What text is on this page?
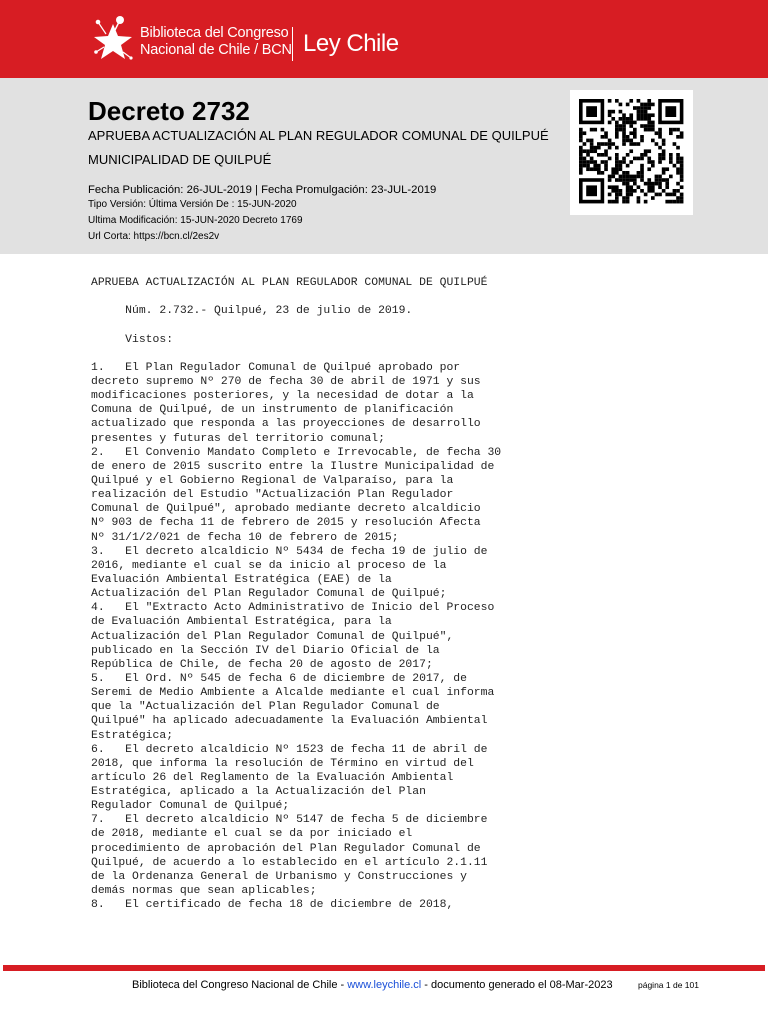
Biblioteca del Congreso
Nacional de Chile / BCN Ley Chile
Decreto 2732
APRUEBA ACTUALIZACIÓN AL PLAN REGULADOR COMUNAL DE QUILPUÉ
MUNICIPALIDAD DE QUILPUÉ
Fecha Publicación: 26-JUL-2019 | Fecha Promulgación: 23-JUL-2019
Tipo Versión: Última Versión De : 15-JUN-2020
Ultima Modificación: 15-JUN-2020 Decreto 1769
Url Corta: https://bcn.cl/2es2v
APRUEBA ACTUALIZACIÓN AL PLAN REGULADOR COMUNAL DE QUILPUÉ
Núm. 2.732.- Quilpué, 23 de julio de 2019.
Vistos:
1.   El Plan Regulador Comunal de Quilpué aprobado por
decreto supremo Nº 270 de fecha 30 de abril de 1971 y sus
modificaciones posteriores, y la necesidad de dotar a la
Comuna de Quilpué, de un instrumento de planificación
actualizado que responda a las proyecciones de desarrollo
presentes y futuras del territorio comunal;
2.   El Convenio Mandato Completo e Irrevocable, de fecha 30
de enero de 2015 suscrito entre la Ilustre Municipalidad de
Quilpué y el Gobierno Regional de Valparaíso, para la
realización del Estudio "Actualización Plan Regulador
Comunal de Quilpué", aprobado mediante decreto alcaldicio
Nº 903 de fecha 11 de febrero de 2015 y resolución Afecta
Nº 31/1/2/021 de fecha 10 de febrero de 2015;
3.   El decreto alcaldicio Nº 5434 de fecha 19 de julio de
2016, mediante el cual se da inicio al proceso de la
Evaluación Ambiental Estratégica (EAE) de la
Actualización del Plan Regulador Comunal de Quilpué;
4.   El "Extracto Acto Administrativo de Inicio del Proceso
de Evaluación Ambiental Estratégica, para la
Actualización del Plan Regulador Comunal de Quilpué",
publicado en la Sección IV del Diario Oficial de la
República de Chile, de fecha 20 de agosto de 2017;
5.   El Ord. Nº 545 de fecha 6 de diciembre de 2017, de
Seremi de Medio Ambiente a Alcalde mediante el cual informa
que la "Actualización del Plan Regulador Comunal de
Quilpué" ha aplicado adecuadamente la Evaluación Ambiental
Estratégica;
6.   El decreto alcaldicio Nº 1523 de fecha 11 de abril de
2018, que informa la resolución de Término en virtud del
artículo 26 del Reglamento de la Evaluación Ambiental
Estratégica, aplicado a la Actualización del Plan
Regulador Comunal de Quilpué;
7.   El decreto alcaldicio Nº 5147 de fecha 5 de diciembre
de 2018, mediante el cual se da por iniciado el
procedimiento de aprobación del Plan Regulador Comunal de
Quilpué, de acuerdo a lo establecido en el artículo 2.1.11
de la Ordenanza General de Urbanismo y Construcciones y
demás normas que sean aplicables;
8.   El certificado de fecha 18 de diciembre de 2018,
Biblioteca del Congreso Nacional de Chile - www.leychile.cl - documento generado el 08-Mar-2023	página 1 de 101
